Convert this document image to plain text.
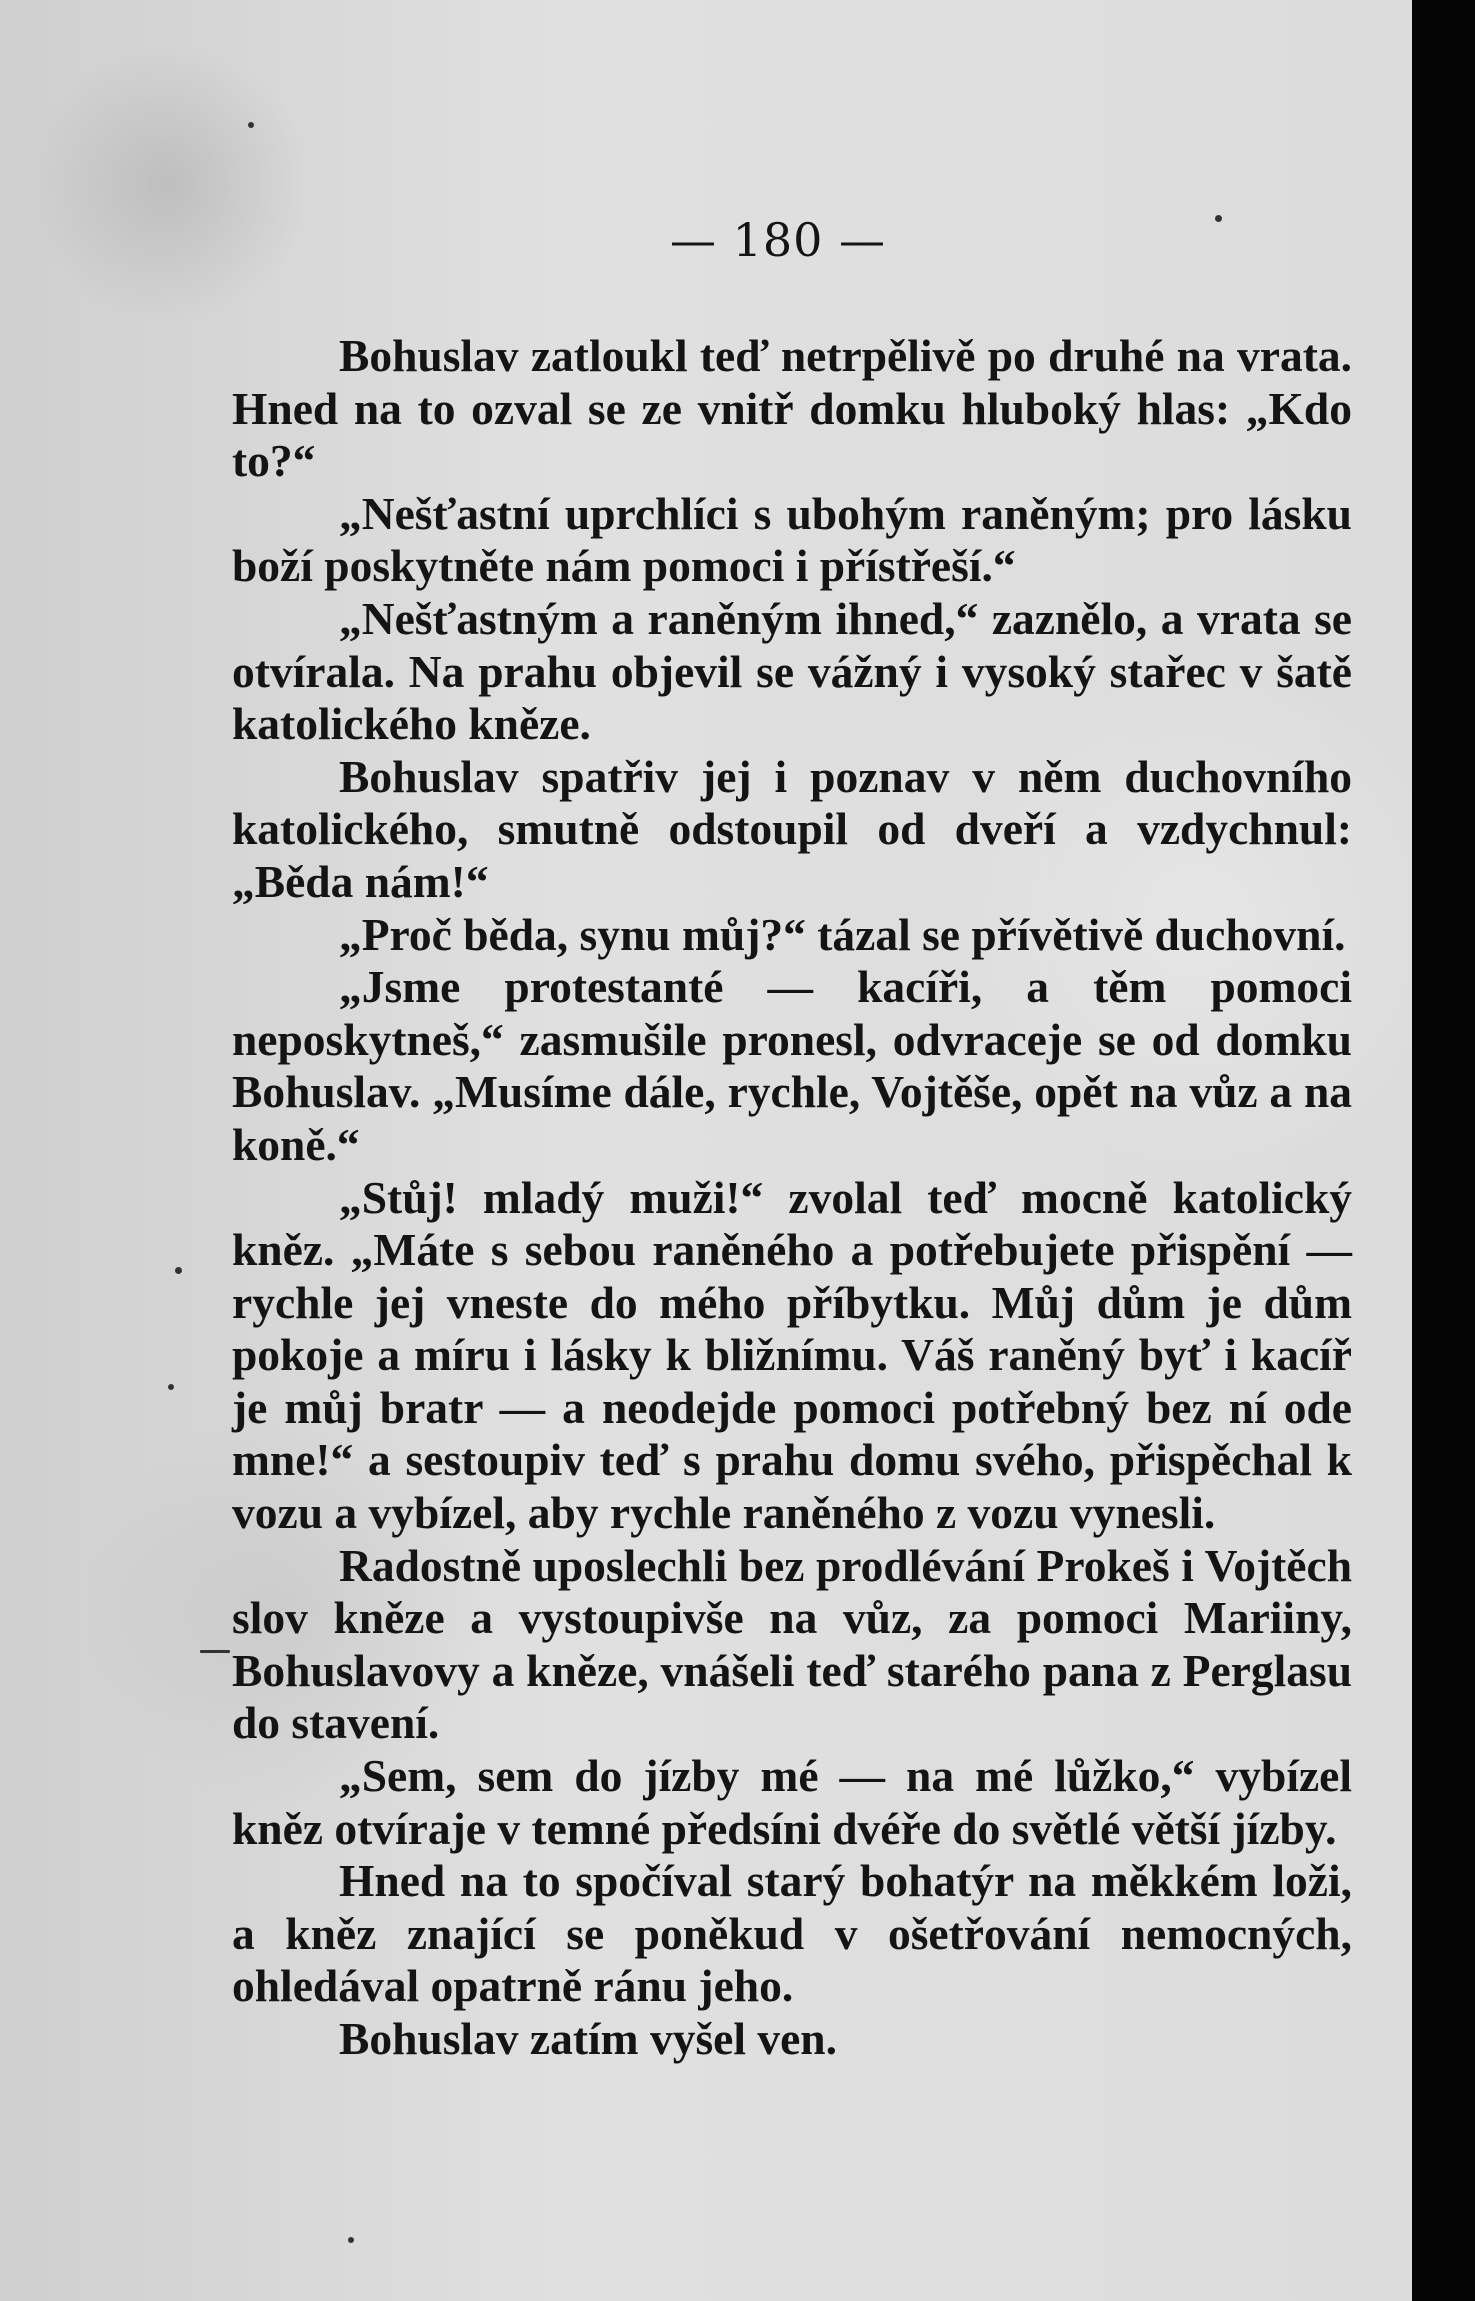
— 180 —

Bohuslav zatloukl teď netrpělivě po druhé na vrata. Hned na to ozval se ze vnitř domku hluboký hlas: „Kdo to?“

„Nešťastní uprchlíci s ubohým raněným; pro lásku boží poskytněte nám pomoci i přístřeší.“

„Nešťastným a raněným ihned,“ zaznělo, a vrata se otvírala. Na prahu objevil se vážný i vysoký stařec v šatě katolického kněze.

Bohuslav spatřiv jej i poznav v něm duchovního katolického, smutně odstoupil od dveří a vzdychnul: „Běda nám!“

„Proč běda, synu můj?“ tázal se přívětivě duchovní.

„Jsme protestanté — kacíři, a těm pomoci neposkytneš,“ zasmušile pronesl, odvraceje se od domku Bohuslav. „Musíme dále, rychle, Vojtěše, opět na vůz a na koně.“

„Stůj! mladý muži!“ zvolal teď mocně katolický kněz. „Máte s sebou raněného a potřebujete přispění — rychle jej vneste do mého příbytku. Můj dům je dům pokoje a míru i lásky k bližnímu. Váš raněný byť i kacíř je můj bratr — a neodejde pomoci potřebný bez ní ode mne!“ a sestoupiv teď s prahu domu svého, přispěchal k vozu a vybízel, aby rychle raněného z vozu vynesli.

Radostně uposlechli bez prodlévání Prokeš i Vojtěch slov kněze a vystoupivše na vůz, za pomoci Mariiny, Bohuslavovy a kněze, vnášeli teď starého pana z Perglasu do stavení.

„Sem, sem do jízby mé — na mé lůžko,“ vybízel kněz otvíraje v temné předsíni dvéře do světlé větší jízby.

Hned na to spočíval starý bohatýr na měkkém loži, a kněz znající se poněkud v ošetřování nemocných, ohledával opatrně ránu jeho.

Bohuslav zatím vyšel ven.
